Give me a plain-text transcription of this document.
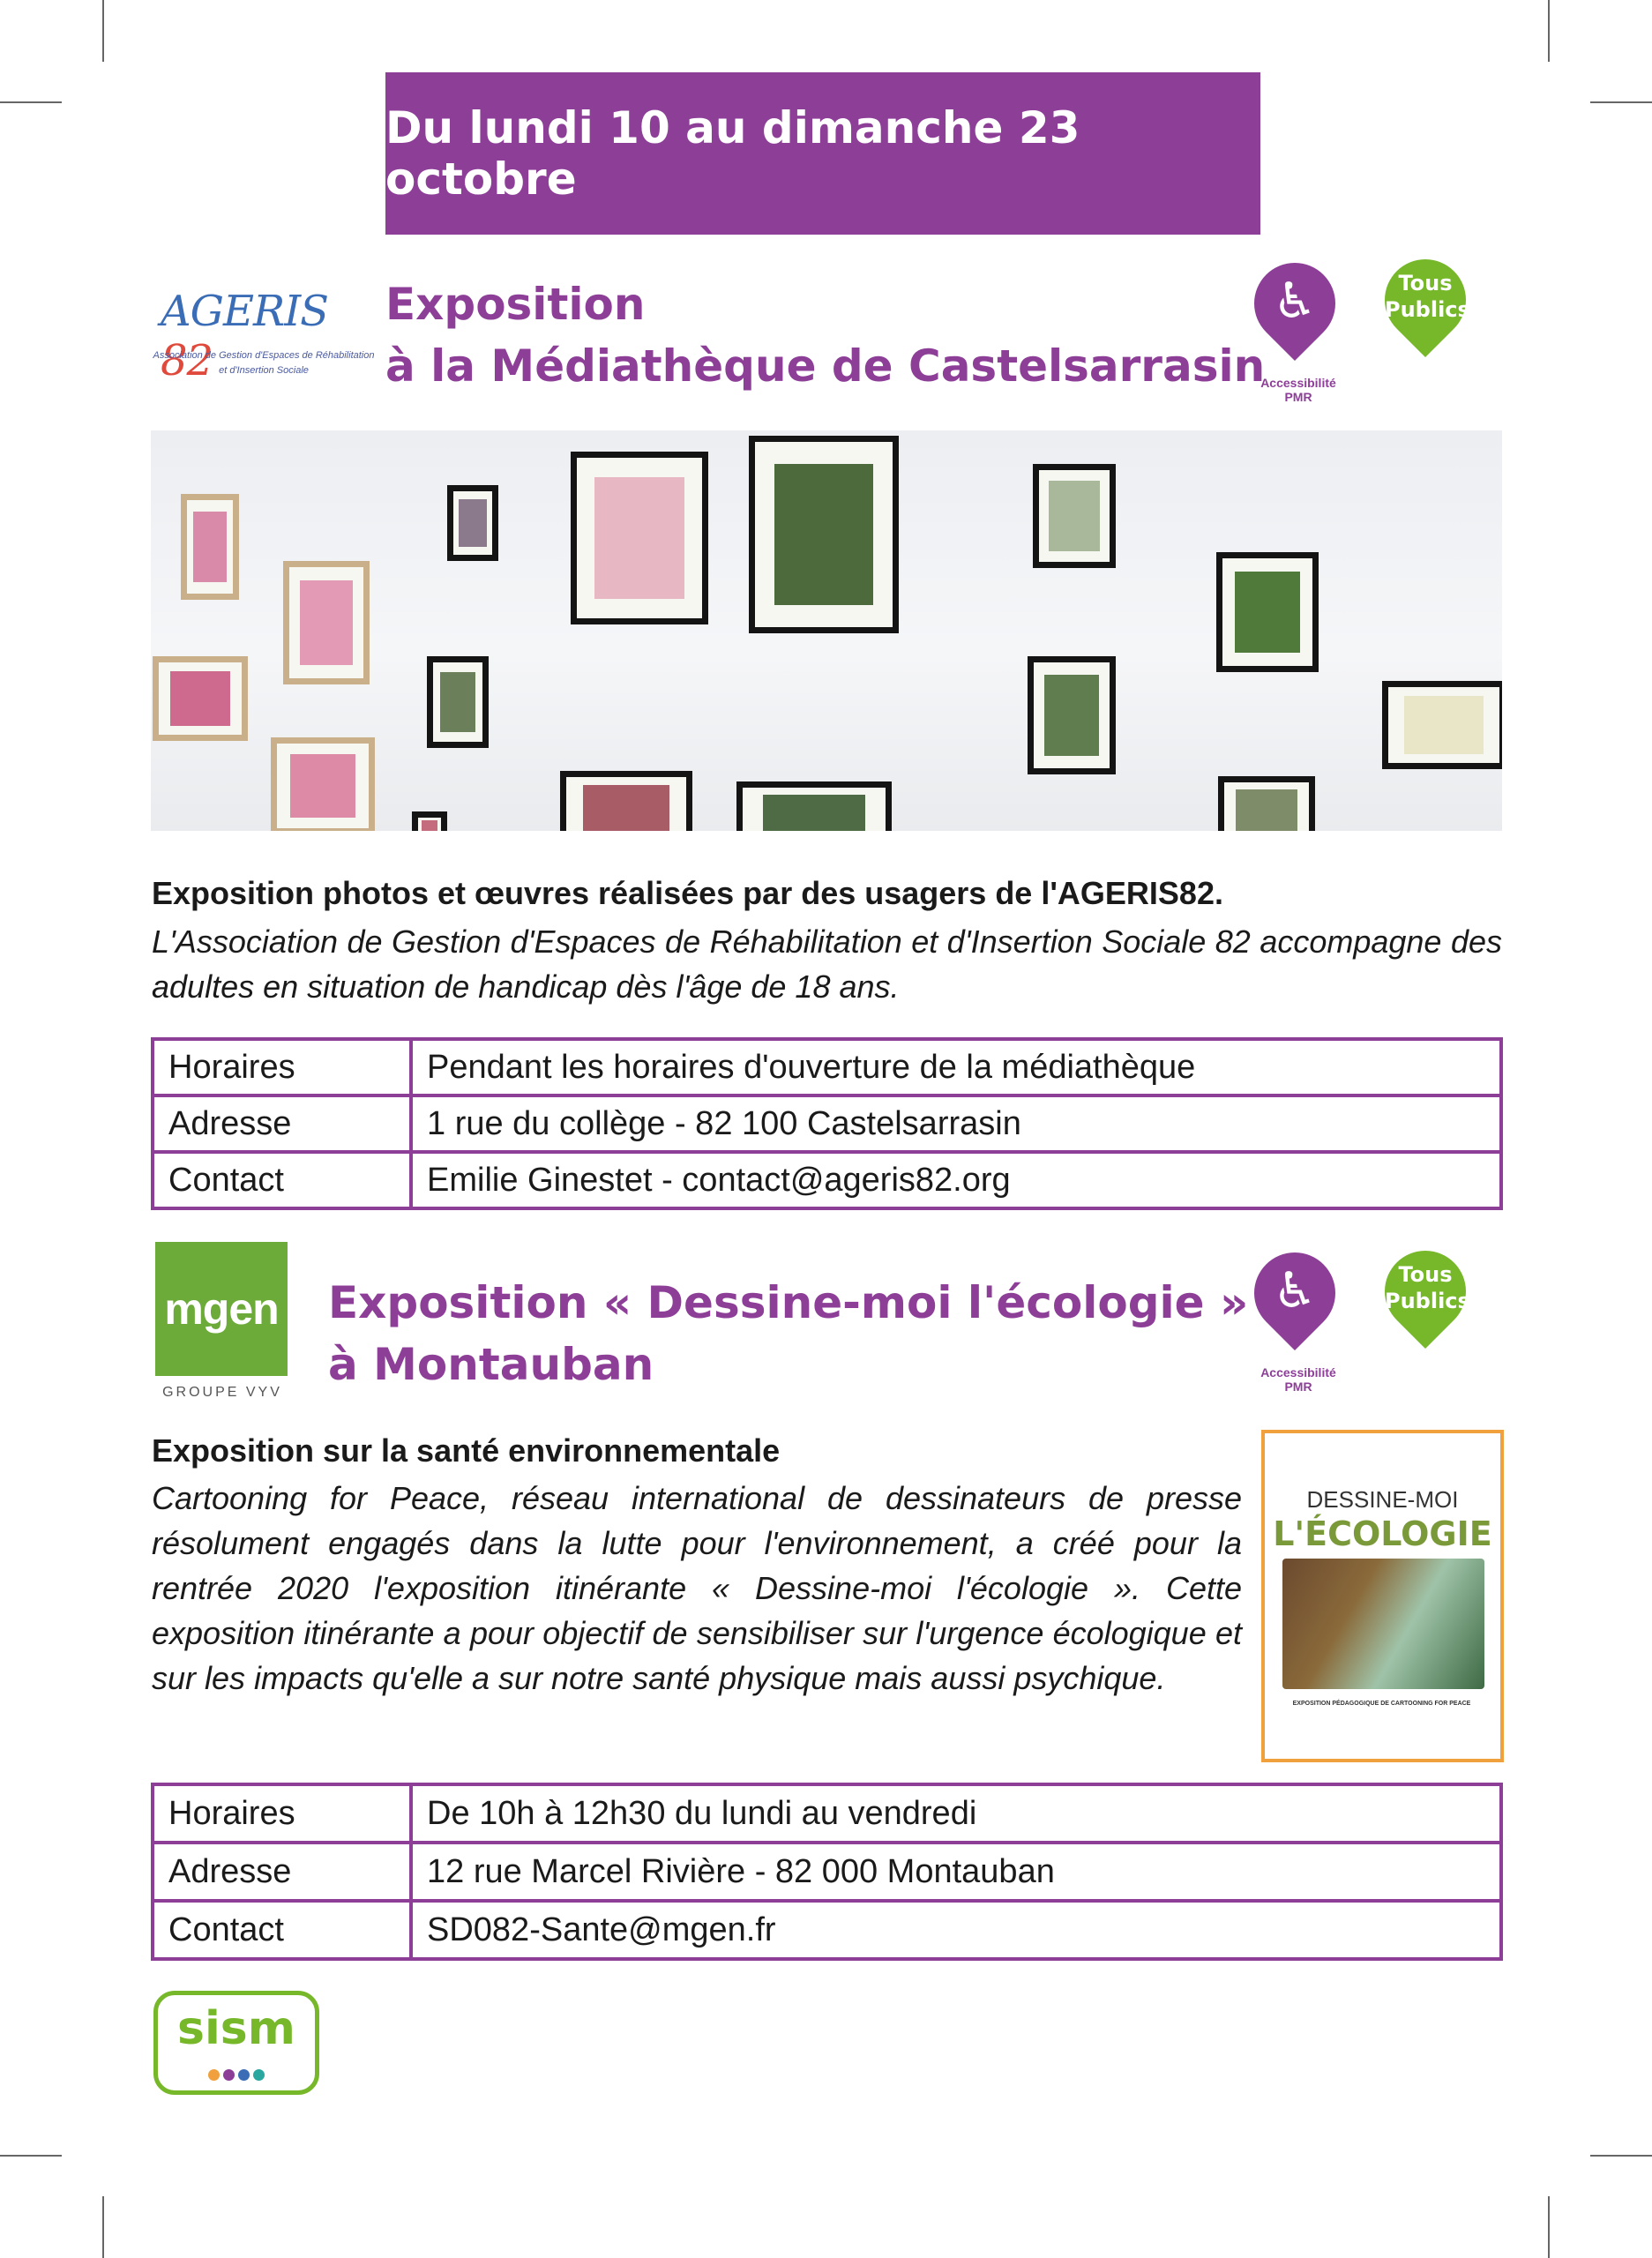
Du lundi 10 au dimanche 23 octobre
AGERIS 82
Association de Gestion d'Espaces de Réhabilitation
et d'Insertion Sociale
Exposition
à la Médiathèque de Castelsarrasin
♿
Accessibilité PMR
Tous
Publics
Exposition photos et œuvres réalisées par des usagers de l'AGERIS82.
L'Association de Gestion d'Espaces de Réhabilitation et d'Insertion Sociale 82 accompagne des adultes en situation de handicap dès l'âge de 18 ans.
Horaires	Pendant les horaires d'ouverture de la médiathèque
Adresse	1 rue du collège - 82 100 Castelsarrasin
Contact	Emilie Ginestet - contact@ageris82.org
mgen
GROUPE VYV
Exposition « Dessine-moi l'écologie »
à Montauban
♿
Accessibilité PMR
Tous
Publics
Exposition sur la santé environnementale
Cartooning for Peace, réseau international de dessinateurs de presse résolument engagés dans la lutte pour l'environnement, a créé pour la rentrée 2020 l'exposition itinérante « Dessine-moi l'écologie ». Cette exposition itinérante a pour objectif de sensibiliser sur l'urgence écologique et sur les impacts qu'elle a sur notre santé physique mais aussi psychique.
DESSINE-MOI
L'ÉCOLOGIE
EXPOSITION PÉDAGOGIQUE DE CARTOONING FOR PEACE
Horaires	De 10h à 12h30 du lundi au vendredi
Adresse	12 rue Marcel Rivière - 82 000 Montauban
Contact	SD082-Sante@mgen.fr
sism
